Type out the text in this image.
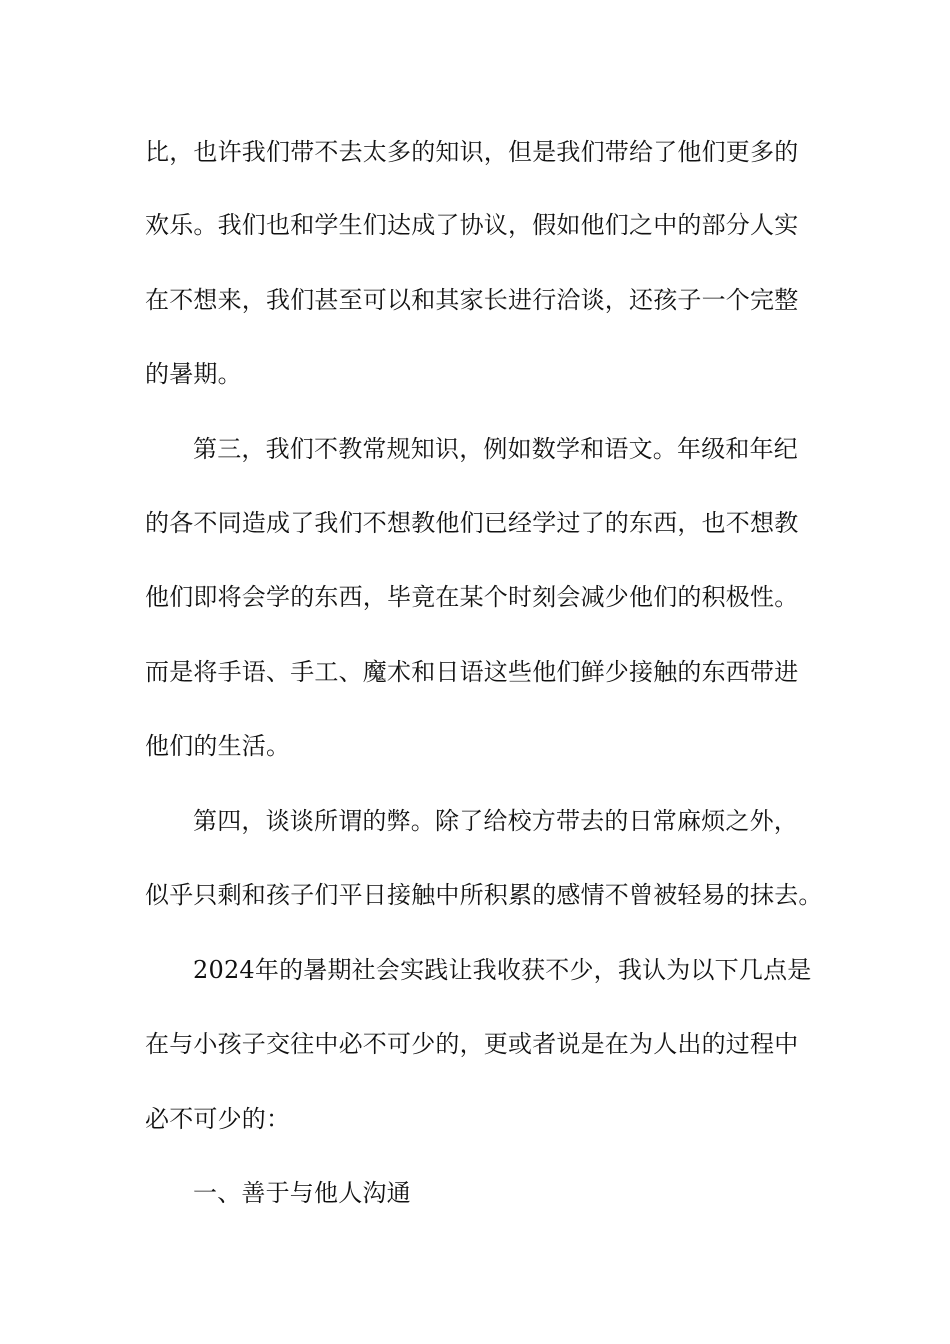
比，也许我们带不去太多的知识，但是我们带给了他们更多的
欢乐。我们也和学生们达成了协议，假如他们之中的部分人实
在不想来，我们甚至可以和其家长进行洽谈，还孩子一个完整
的暑期。
第三，我们不教常规知识，例如数学和语文。年级和年纪
的各不同造成了我们不想教他们已经学过了的东西，也不想教
他们即将会学的东西，毕竟在某个时刻会减少他们的积极性。
而是将手语、手工、魔术和日语这些他们鲜少接触的东西带进
他们的生活。
第四，谈谈所谓的弊。除了给校方带去的日常麻烦之外，
似乎只剩和孩子们平日接触中所积累的感情不曾被轻易的抹去。
2024年的暑期社会实践让我收获不少，我认为以下几点是
在与小孩子交往中必不可少的，更或者说是在为人出的过程中
必不可少的：
一、善于与他人沟通
